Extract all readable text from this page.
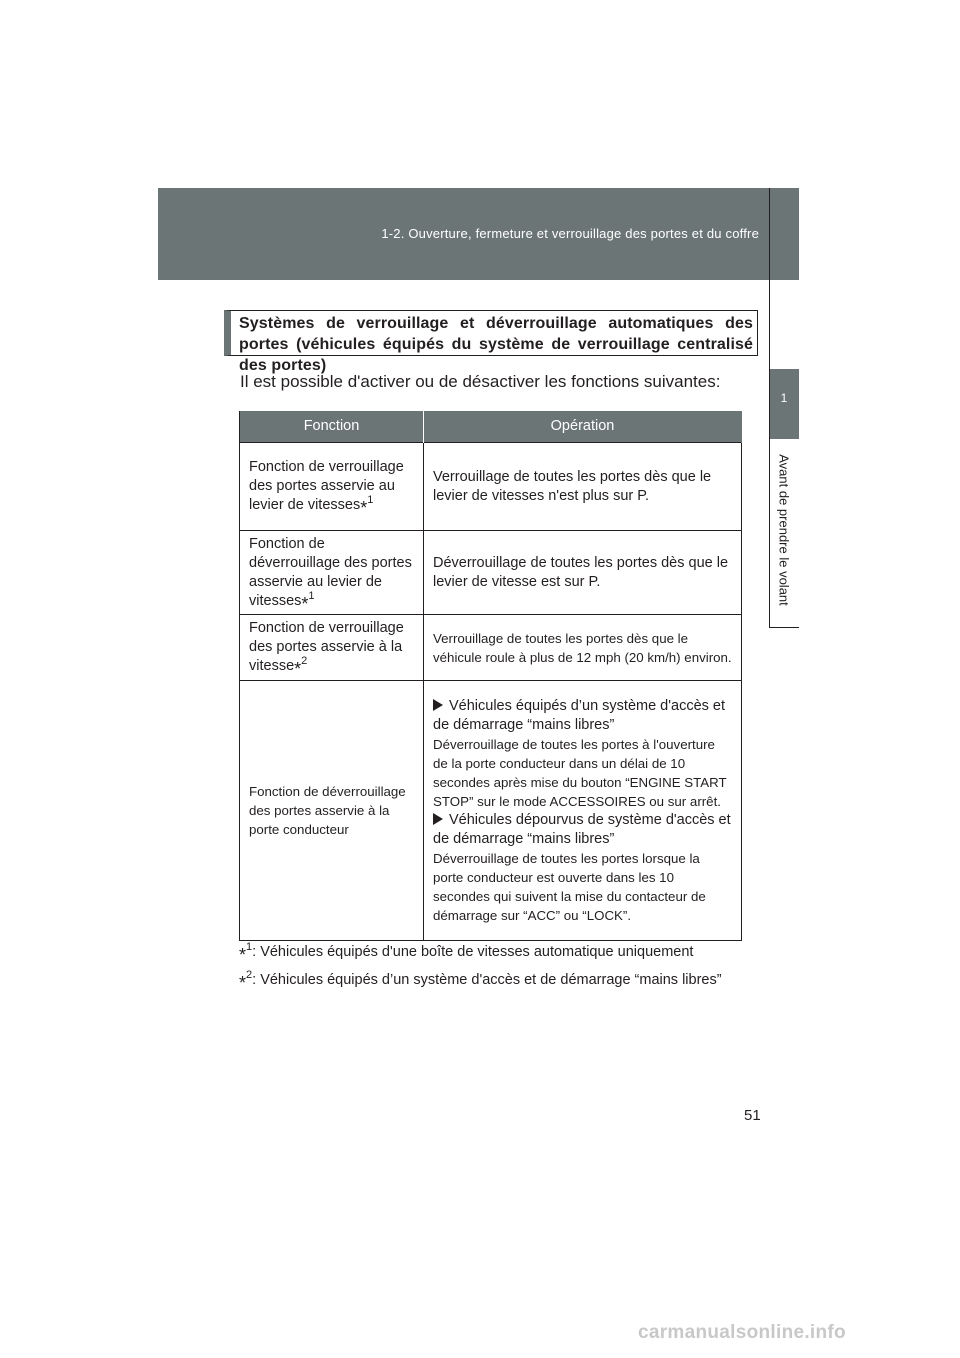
1-2. Ouverture, fermeture et verrouillage des portes et du coffre
1
Avant de prendre le volant
Systèmes de verrouillage et déverrouillage automatiques des portes (véhicules équipés du système de verrouillage centralisé des portes)
Il est possible d'activer ou de désactiver les fonctions suivantes:
Fonction	Opération
Fonction de verrouillage des portes asservie au levier de vitesses*$^1$	Verrouillage de toutes les portes dès que le levier de vitesses n'est plus sur P.
Fonction de déverrouillage des portes asservie au levier de vitesses*$^1$	Déverrouillage de toutes les portes dès que le levier de vitesse est sur P.
Fonction de verrouillage des portes asservie à la vitesse*$^2$	Verrouillage de toutes les portes dès que le véhicule roule à plus de 12 mph (20 km/h) environ.
Fonction de déverrouillage des portes asservie à la porte conducteur	Véhicules équipés d’un système d'accès et de démarrage “mains libres”
Déverrouillage de toutes les portes à l'ouverture de la porte conducteur dans un délai de 10 secondes après mise du bouton “ENGINE START STOP” sur le mode ACCESSOIRES ou sur arrêt.
Véhicules dépourvus de système d'accès et de démarrage “mains libres”
Déverrouillage de toutes les portes lorsque la porte conducteur est ouverte dans les 10 secondes qui suivent la mise du contacteur de démarrage sur “ACC” ou “LOCK”.
*$^1$: Véhicules équipés d'une boîte de vitesses automatique uniquement
*$^2$: Véhicules équipés d’un système d'accès et de démarrage “mains libres”
51
carmanualsonline.info
